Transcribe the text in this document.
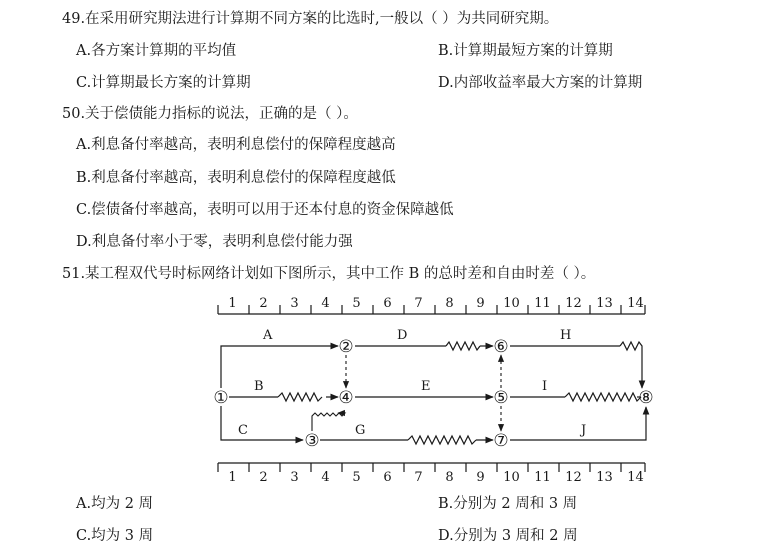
49.在采用研究期法进行计算期不同方案的比选时,一般以（ ）为共同研究期。
A.各方案计算期的平均值	B.计算期最短方案的计算期
C.计算期最长方案的计算期	D.内部收益率最大方案的计算期
50.关于偿债能力指标的说法，正确的是（ ）。
A.利息备付率越高，表明利息偿付的保障程度越高
B.利息备付率越高，表明利息偿付的保障程度越低
C.偿债备付率越高，表明可以用于还本付息的资金保障越低
D.利息备付率小于零，表明利息偿付能力强
51.某工程双代号时标网络计划如下图所示，其中工作 B 的总时差和自由时差（ ）。
1 2 3 4 5 6 7 8 9 10 11 12 13 14
1 2 3 4 5 6 7 8 9 10 11 12 13 14
A
B
C
D
E
G
H
I
J
①
②
③
④	⑤
⑥
⑦
⑧
A.均为 2 周	B.分别为 2 周和 3 周
C.均为 3 周	D.分别为 3 周和 2 周
